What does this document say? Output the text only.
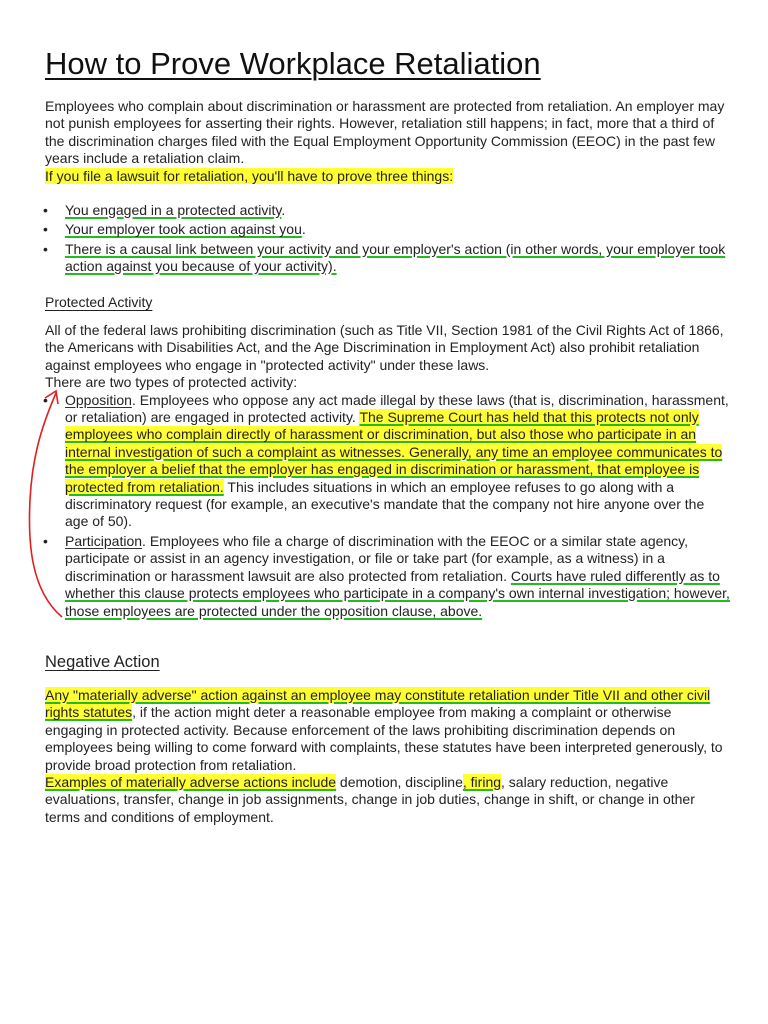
How to Prove Workplace Retaliation

Employees who complain about discrimination or harassment are protected from retaliation. An employer may not punish employees for asserting their rights. However, retaliation still happens; in fact, more that a third of the discrimination charges filed with the Equal Employment Opportunity Commission (EEOC) in the past few years include a retaliation claim.

If you file a lawsuit for retaliation, you'll have to prove three things:

• You engaged in a protected activity.
• Your employer took action against you.
• There is a causal link between your activity and your employer's action (in other words, your employer took action against you because of your activity).
Protected Activity

All of the federal laws prohibiting discrimination (such as Title VII, Section 1981 of the Civil Rights Act of 1866, the Americans with Disabilities Act, and the Age Discrimination in Employment Act) also prohibit retaliation against employees who engage in "protected activity" under these laws.

There are two types of protected activity:

• Opposition. Employees who oppose any act made illegal by these laws (that is, discrimination, harassment, or retaliation) are engaged in protected activity. The Supreme Court has held that this protects not only employees who complain directly of harassment or discrimination, but also those who participate in an internal investigation of such a complaint as witnesses. Generally, any time an employee communicates to the employer a belief that the employer has engaged in discrimination or harassment, that employee is protected from retaliation. This includes situations in which an employee refuses to go along with a discriminatory request (for example, an executive's mandate that the company not hire anyone over the age of 50).
• Participation. Employees who file a charge of discrimination with the EEOC or a similar state agency, participate or assist in an agency investigation, or file or take part (for example, as a witness) in a discrimination or harassment lawsuit are also protected from retaliation. Courts have ruled differently as to whether this clause protects employees who participate in a company's own internal investigation; however, those employees are protected under the opposition clause, above.
Negative Action

Any "materially adverse" action against an employee may constitute retaliation under Title VII and other civil rights statutes, if the action might deter a reasonable employee from making a complaint or otherwise engaging in protected activity. Because enforcement of the laws prohibiting discrimination depends on employees being willing to come forward with complaints, these statutes have been interpreted generously, to provide broad protection from retaliation.

Examples of materially adverse actions include demotion, discipline, firing, salary reduction, negative evaluations, transfer, change in job assignments, change in job duties, change in shift, or change in other terms and conditions of employment.
